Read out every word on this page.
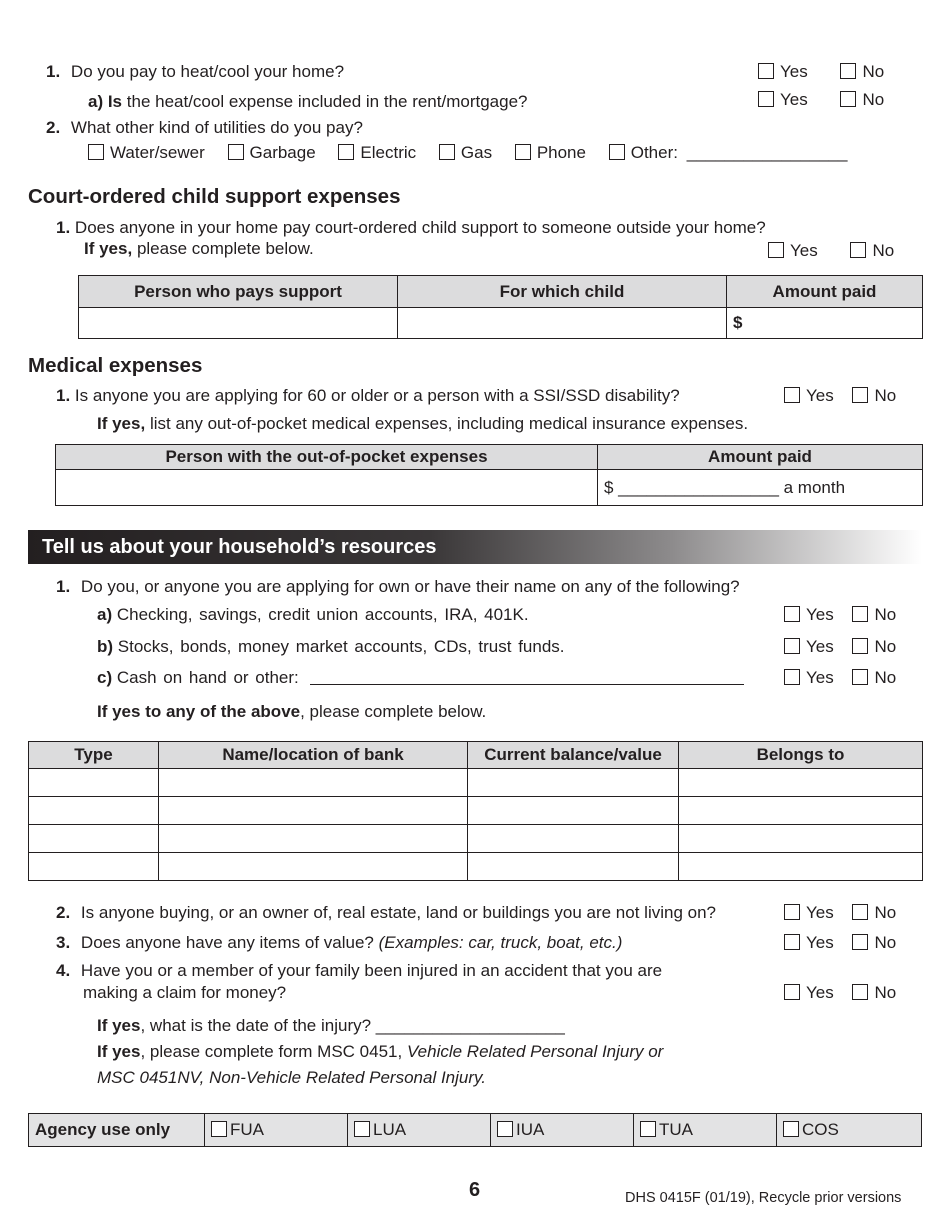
1. Do you pay to heat/cool your home?	Yes	No
a) Is the heat/cool expense included in the rent/mortgage?	Yes	No
2. What other kind of utilities do you pay?
Water/sewer	Garbage	Electric	Gas	Phone	Other: _________________
Court-ordered child support expenses
1. Does anyone in your home pay court-ordered child support to someone outside your home?
If yes, please complete below.	Yes	No
Person who pays support	For which child	Amount paid
		$
Medical expenses
1. Is anyone you are applying for 60 or older or a person with a SSI/SSD disability?	Yes No
If yes, list any out-of-pocket medical expenses, including medical insurance expenses.
Person with the out-of-pocket expenses	Amount paid
	$ _________________ a month
Tell us about your household’s resources
1. Do you, or anyone you are applying for own or have their name on any of the following?
a) Checking, savings, credit union accounts, IRA, 401K.	Yes No
b) Stocks, bonds, money market accounts, CDs, trust funds.	Yes No
c) Cash on hand or other:	Yes No
If yes to any of the above, please complete below.
Type	Name/location of bank	Current balance/value	Belongs to

2. Is anyone buying, or an owner of, real estate, land or buildings you are not living on?	Yes No
3. Does anyone have any items of value? (Examples: car, truck, boat, etc.)	Yes No
4. Have you or a member of your family been injured in an accident that you are
making a claim for money?	Yes No
If yes, what is the date of the injury? ____________________
If yes, please complete form MSC 0451, Vehicle Related Personal Injury or
MSC 0451NV, Non-Vehicle Related Personal Injury.
Agency use only	FUA	LUA	IUA	TUA	COS
6	DHS 0415F (01/19), Recycle prior versions
